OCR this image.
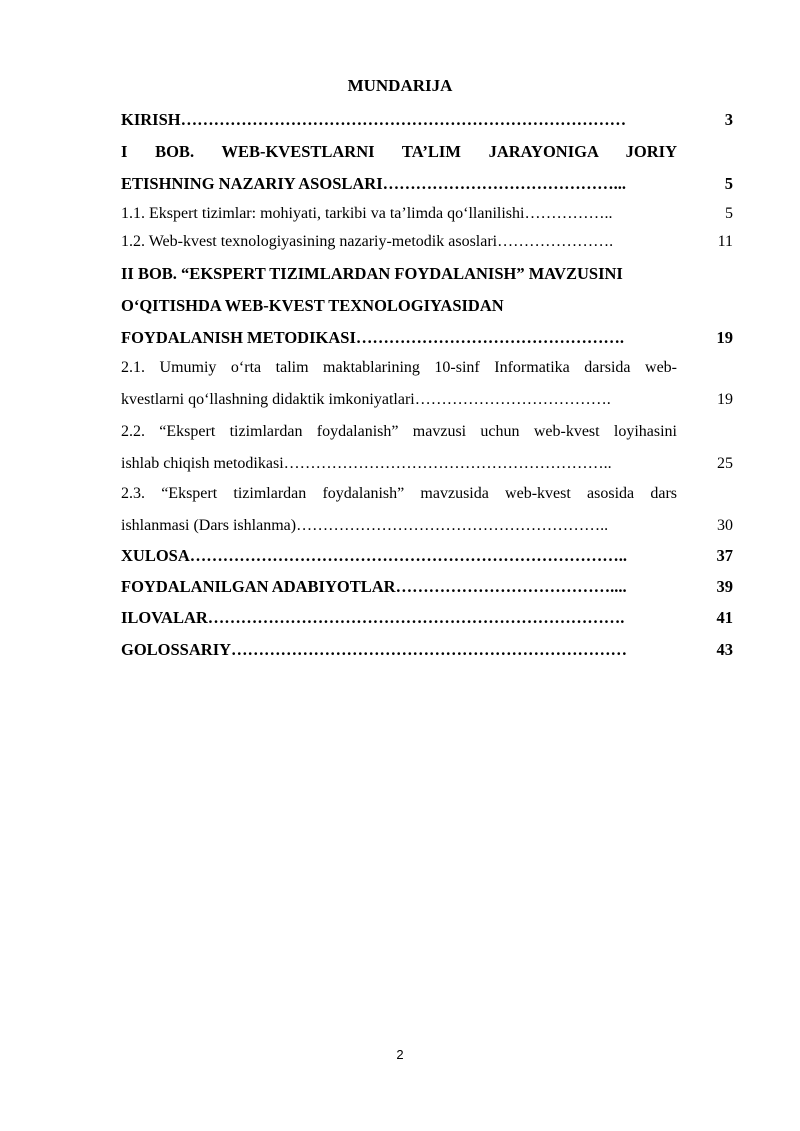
MUNDARIJA
KIRISH………………………………………………………………………	3
I BOB. WEB-KVESTLARNI TA’LIM JARAYONIGA JORIY
ETISHNING NAZARIY ASOSLARI……………………………………...	5
1.1. Ekspert tizimlar: mohiyati, tarkibi va ta’limda qo‘llanilishi……………..	5
1.2. Web-kvest texnologiyasining nazariy-metodik asoslari………………….	11
II BOB. “EKSPERT TIZIMLARDAN FOYDALANISH” MAVZUSINI
O‘QITISHDA WEB-KVEST TEXNOLOGIYASIDAN
FOYDALANISH METODIKASI………………………………………….	19
2.1. Umumiy o‘rta talim maktablarining 10-sinf Informatika darsida web-
kvestlarni qo‘llashning didaktik imkoniyatlari……………………………….	19
2.2. “Ekspert tizimlardan foydalanish” mavzusi uchun web-kvest loyihasini
ishlab chiqish metodikasi……………………………………………………..	25
2.3. “Ekspert tizimlardan foydalanish” mavzusida web-kvest asosida dars
ishlanmasi (Dars ishlanma)…………………………………………………..	30
XULOSA……………………………………………………………………..	37
FOYDALANILGAN ADABIYOTLAR…………………………………....	39
ILOVALAR………………………………………………………………….	41
GOLOSSARIY………………………………………………………………	43
2
